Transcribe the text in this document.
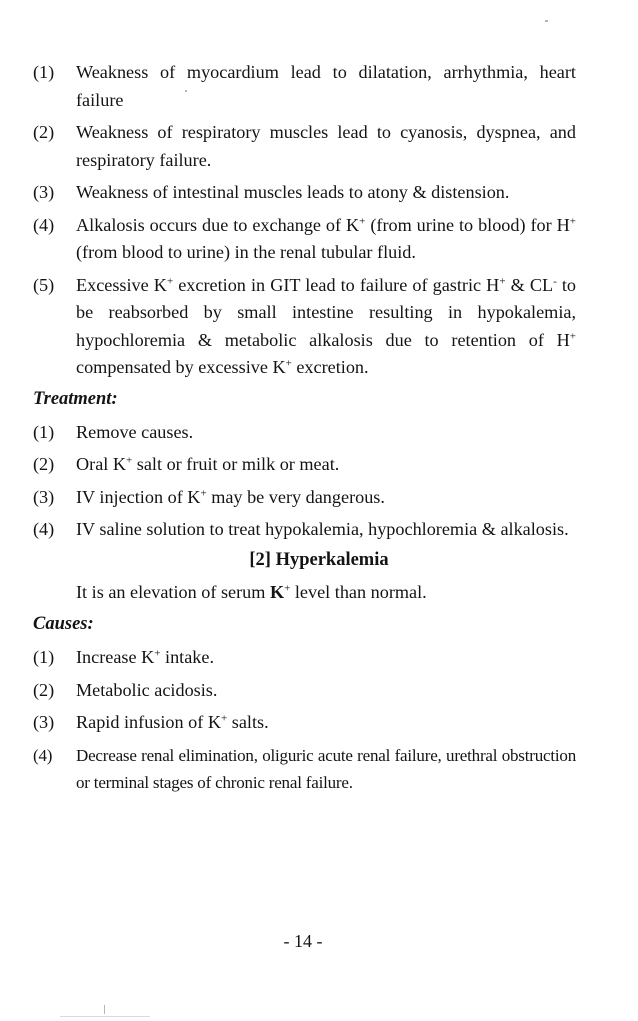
(1) Weakness of myocardium lead to dilatation, arrhythmia, heart failure
(2) Weakness of respiratory muscles lead to cyanosis, dyspnea, and respiratory failure.
(3) Weakness of intestinal muscles leads to atony & distension.
(4) Alkalosis occurs due to exchange of K+ (from urine to blood) for H+ (from blood to urine) in the renal tubular fluid.
(5) Excessive K+ excretion in GIT lead to failure of gastric H+ & CL- to be reabsorbed by small intestine resulting in hypokalemia, hypochloremia & metabolic alkalosis due to retention of H+ compensated by excessive K+ excretion.
Treatment:
(1) Remove causes.
(2) Oral K+ salt or fruit or milk or meat.
(3) IV injection of K+ may be very dangerous.
(4) IV saline solution to treat hypokalemia, hypochloremia & alkalosis.
[2] Hyperkalemia
It is an elevation of serum K+ level than normal.
Causes:
(1) Increase K+ intake.
(2) Metabolic acidosis.
(3) Rapid infusion of K+ salts.
(4) Decrease renal elimination, oliguric acute renal failure, urethral obstruction or terminal stages of chronic renal failure.
- 14 -
